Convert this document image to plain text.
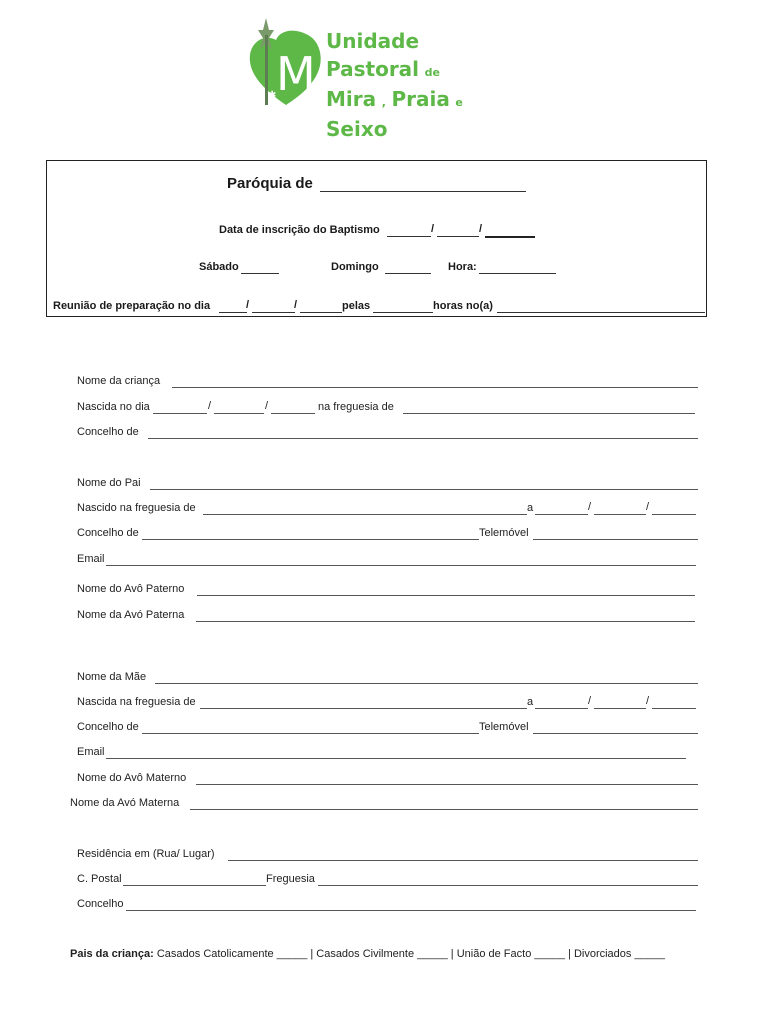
M
✱
Unidade
Pastoral de
Mira , Praia e Seixo
Paróquia de
Data de inscrição do Baptismo	/	/
Sábado	Domingo	Hora:
Reunião de preparação no dia	/	/	pelas	horas no(a)
Nome da criança
Nascida no dia	/	/	na freguesia de
Concelho de
Nome do Pai
Nascido na freguesia de	a	/	/
Concelho de	Telemóvel
Email
Nome do Avô Paterno
Nome da Avó Paterna
Nome da Mãe
Nascida na freguesia de	a	/	/
Concelho de	Telemóvel
Email
Nome do Avô Materno
Nome da Avó Materna
Residência em (Rua/ Lugar)
C. Postal	Freguesia
Concelho
Pais da criança: Casados Catolicamente _____ | Casados Civilmente _____ | União de Facto _____ | Divorciados _____
